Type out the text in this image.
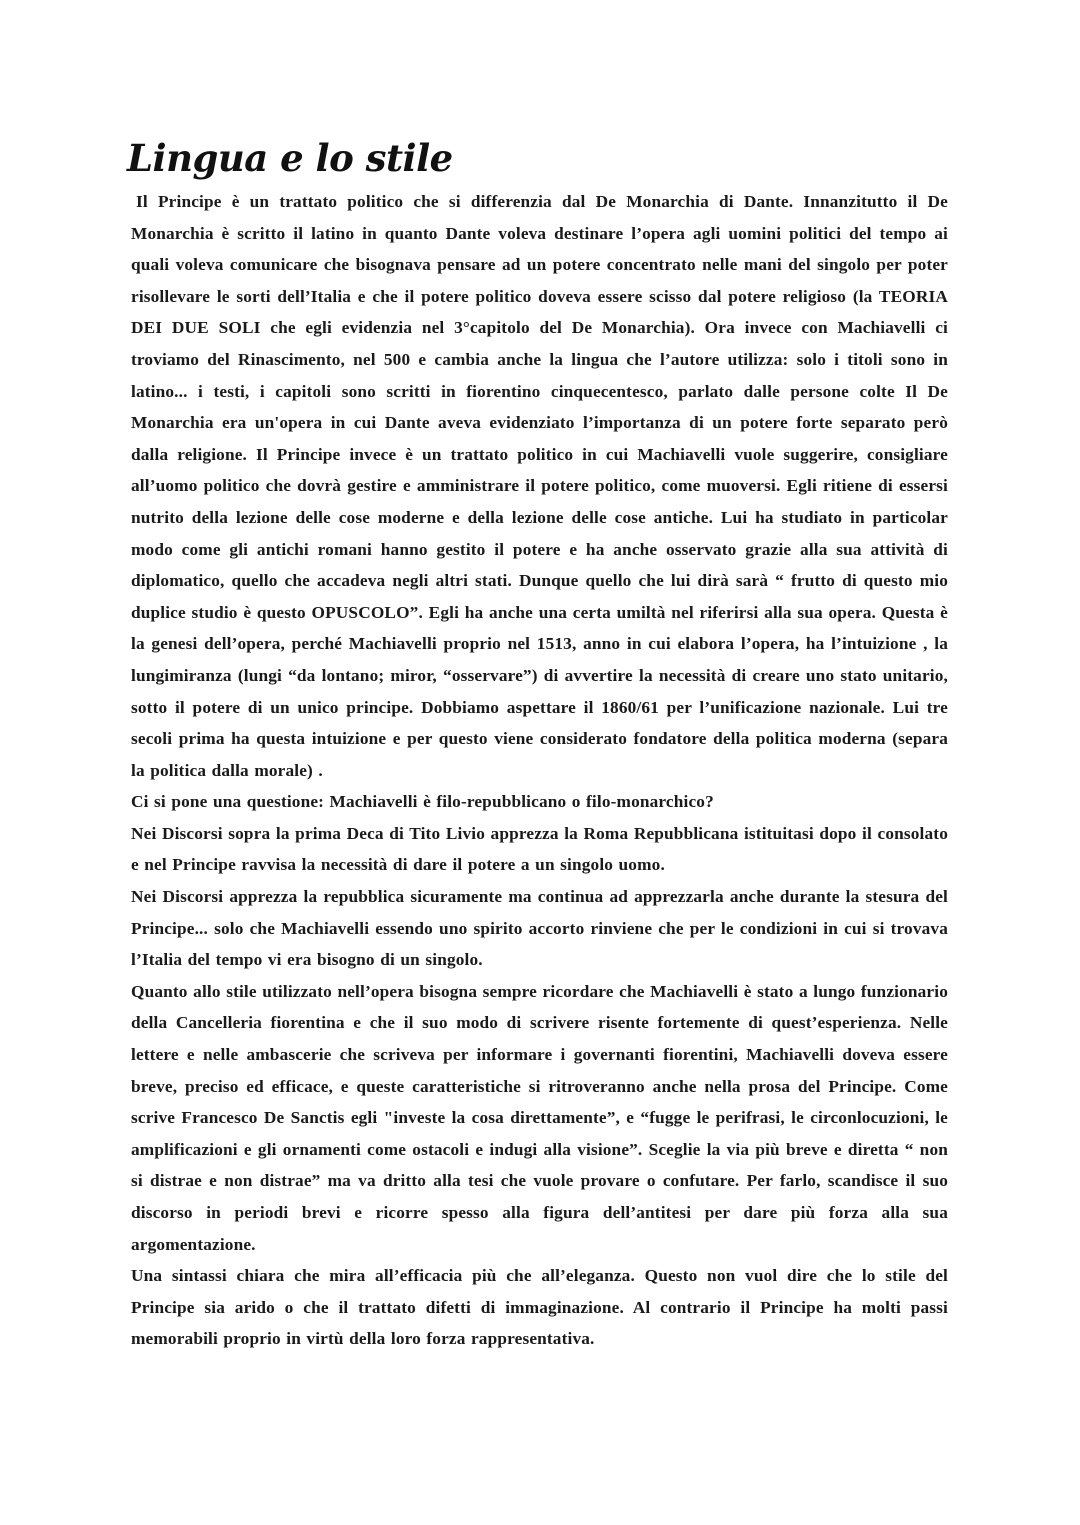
Lingua e lo stile

Il Principe è un trattato politico che si differenzia dal De Monarchia di Dante. Innanzitutto il De Monarchia è scritto il latino in quanto Dante voleva destinare l’opera agli uomini politici del tempo ai quali voleva comunicare che bisognava pensare ad un potere concentrato nelle mani del singolo per poter risollevare le sorti dell’Italia e che il potere politico doveva essere scisso dal potere religioso (la TEORIA DEI DUE SOLI che egli evidenzia nel 3°capitolo del De Monarchia). Ora invece con Machiavelli ci troviamo del Rinascimento, nel 500 e cambia anche la lingua che l’autore utilizza: solo i titoli sono in latino... i testi, i capitoli sono scritti in fiorentino cinquecentesco, parlato dalle persone colte Il De Monarchia era un'opera in cui Dante aveva evidenziato l’importanza di un potere forte separato però dalla religione. Il Principe invece è un trattato politico in cui Machiavelli vuole suggerire, consigliare all’uomo politico che dovrà gestire e amministrare il potere politico, come muoversi. Egli ritiene di essersi nutrito della lezione delle cose moderne e della lezione delle cose antiche. Lui ha studiato in particolar modo come gli antichi romani hanno gestito il potere e ha anche osservato grazie alla sua attività di diplomatico, quello che accadeva negli altri stati. Dunque quello che lui dirà sarà “ frutto di questo mio duplice studio è questo OPUSCOLO”. Egli ha anche una certa umiltà nel riferirsi alla sua opera. Questa è la genesi dell’opera, perché Machiavelli proprio nel 1513, anno in cui elabora l’opera, ha l’intuizione , la lungimiranza (lungi “da lontano; miror, “osservare”) di avvertire la necessità di creare uno stato unitario, sotto il potere di un unico principe. Dobbiamo aspettare il 1860/61 per l’unificazione nazionale. Lui tre secoli prima ha questa intuizione e per questo viene considerato fondatore della politica moderna (separa la politica dalla morale) .

Ci si pone una questione: Machiavelli è filo-repubblicano o filo-monarchico?

Nei Discorsi sopra la prima Deca di Tito Livio apprezza la Roma Repubblicana istituitasi dopo il consolato e nel Principe ravvisa la necessità di dare il potere a un singolo uomo.

Nei Discorsi apprezza la repubblica sicuramente ma continua ad apprezzarla anche durante la stesura del Principe... solo che Machiavelli essendo uno spirito accorto rinviene che per le condizioni in cui si trovava l’Italia del tempo vi era bisogno di un singolo.

Quanto allo stile utilizzato nell’opera bisogna sempre ricordare che Machiavelli è stato a lungo funzionario della Cancelleria fiorentina e che il suo modo di scrivere risente fortemente di quest’esperienza. Nelle lettere e nelle ambascerie che scriveva per informare i governanti fiorentini, Machiavelli doveva essere breve, preciso ed efficace, e queste caratteristiche si ritroveranno anche nella prosa del Principe. Come scrive Francesco De Sanctis egli "investe la cosa direttamente”, e “fugge le perifrasi, le circonlocuzioni, le amplificazioni e gli ornamenti come ostacoli e indugi alla visione”. Sceglie la via più breve e diretta “ non si distrae e non distrae” ma va dritto alla tesi che vuole provare o confutare. Per farlo, scandisce il suo discorso in periodi brevi e ricorre spesso alla figura dell’antitesi per dare più forza alla sua argomentazione.

Una sintassi chiara che mira all’efficacia più che all’eleganza. Questo non vuol dire che lo stile del Principe sia arido o che il trattato difetti di immaginazione. Al contrario il Principe ha molti passi memorabili proprio in virtù della loro forza rappresentativa.
